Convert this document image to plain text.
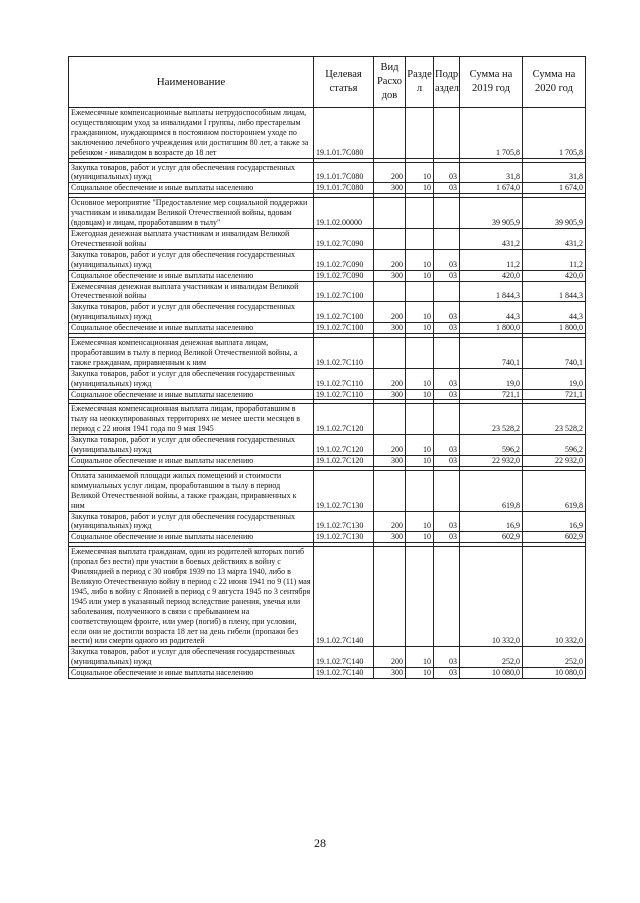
Наименование	Целевая статья	Вид Расхо дов	Разде л	Подр аздел	Сумма на 2019 год	Сумма на 2020 год
Ежемесячные компенсационные выплаты нетрудоспособным лицам, осуществляющим уход за инвалидами I группы, либо престарелым гражданином, нуждающимся в постоянном постороннем уходе по заключению лечебного учреждения или достигшим 80 лет, а также за ребенком - инвалидом в возрасте до 18 лет	19.1.01.7С080				1 705,8	1 705,8

Закупка товаров, работ и услуг для обеспечения государственных (муниципальных) нужд	19.1.01.7С080	200	10	03	31,8	31,8
Социальное обеспечение и иные выплаты населению	19.1.01.7С080	300	10	03	1 674,0	1 674,0

Основное мероприятие "Предоставление мер социальной поддержки участникам и инвалидам Великой Отечественной войны, вдовам (вдовцам) и лицам, проработавшим в тылу"	19.1.02.00000				39 905,9	39 905,9
Ежегодная денежная выплата участникам и инвалидам Великой Отечественной войны	19.1.02.7С090				431,2	431,2
Закупка товаров, работ и услуг для обеспечения государственных (муниципальных) нужд	19.1.02.7С090	200	10	03	11,2	11,2
Социальное обеспечение и иные выплаты населению	19.1.02.7С090	300	10	03	420,0	420,0
Ежемесячная денежная выплата участникам и инвалидам Великой Отечественной войны	19.1.02.7С100				1 844,3	1 844,3
Закупка товаров, работ и услуг для обеспечения государственных (муниципальных) нужд	19.1.02.7С100	200	10	03	44,3	44,3
Социальное обеспечение и иные выплаты населению	19.1.02.7С100	300	10	03	1 800,0	1 800,0

Ежемесячная компенсационная денежная выплата лицам, проработавшим в тылу в период Великой Отечественной войны, а также гражданам, приравненным к ним	19.1.02.7С110				740,1	740,1
Закупка товаров, работ и услуг для обеспечения государственных (муниципальных) нужд	19.1.02.7С110	200	10	03	19,0	19,0
Социальное обеспечение и иные выплаты населению	19.1.02.7С110	300	10	03	721,1	721,1

Ежемесячная компенсационная выплата лицам, проработавшим в тылу на неоккупированных территориях не менее шести месяцев в период с 22 июня 1941 года по 9 мая 1945	19.1.02.7С120				23 528,2	23 528,2
Закупка товаров, работ и услуг для обеспечения государственных (муниципальных) нужд	19.1.02.7С120	200	10	03	596,2	596,2
Социальное обеспечение и иные выплаты населению	19.1.02.7С120	300	10	03	22 932,0	22 932,0

Оплата занимаемой площади жилых помещений и стоимости коммунальных услуг лицам, проработавшим в тылу в период Великой Отечественной войны, а также граждан, приравненных к ним	19.1.02.7С130				619,8	619,8
Закупка товаров, работ и услуг для обеспечения государственных (муниципальных) нужд	19.1.02.7С130	200	10	03	16,9	16,9
Социальное обеспечение и иные выплаты населению	19.1.02.7С130	300	10	03	602,9	602,9

Ежемесячная выплата гражданам, один из родителей которых погиб (пропал без вести) при участии в боевых действиях в войну с Финляндией в период с 30 ноября 1939 по 13 марта 1940, либо в Великую Отечественную войну в период с 22 июня 1941 по 9 (11) мая 1945, либо в войну с Японией в период с 9 августа 1945 по 3 сентября 1945 или умер в указанный период вследствие ранения, увечья или заболевания, полученного в связи с пребыванием на соответствующем фронте, или умер (погиб) в плену, при условии, если они не достигли возраста 18 лет на день гибели (пропажи без вести) или смерти одного из родителей	19.1.02.7С140				10 332,0	10 332,0
Закупка товаров, работ и услуг для обеспечения государственных (муниципальных) нужд	19.1.02.7С140	200	10	03	252,0	252,0
Социальное обеспечение и иные выплаты населению	19.1.02.7С140	300	10	03	10 080,0	10 080,0
28
